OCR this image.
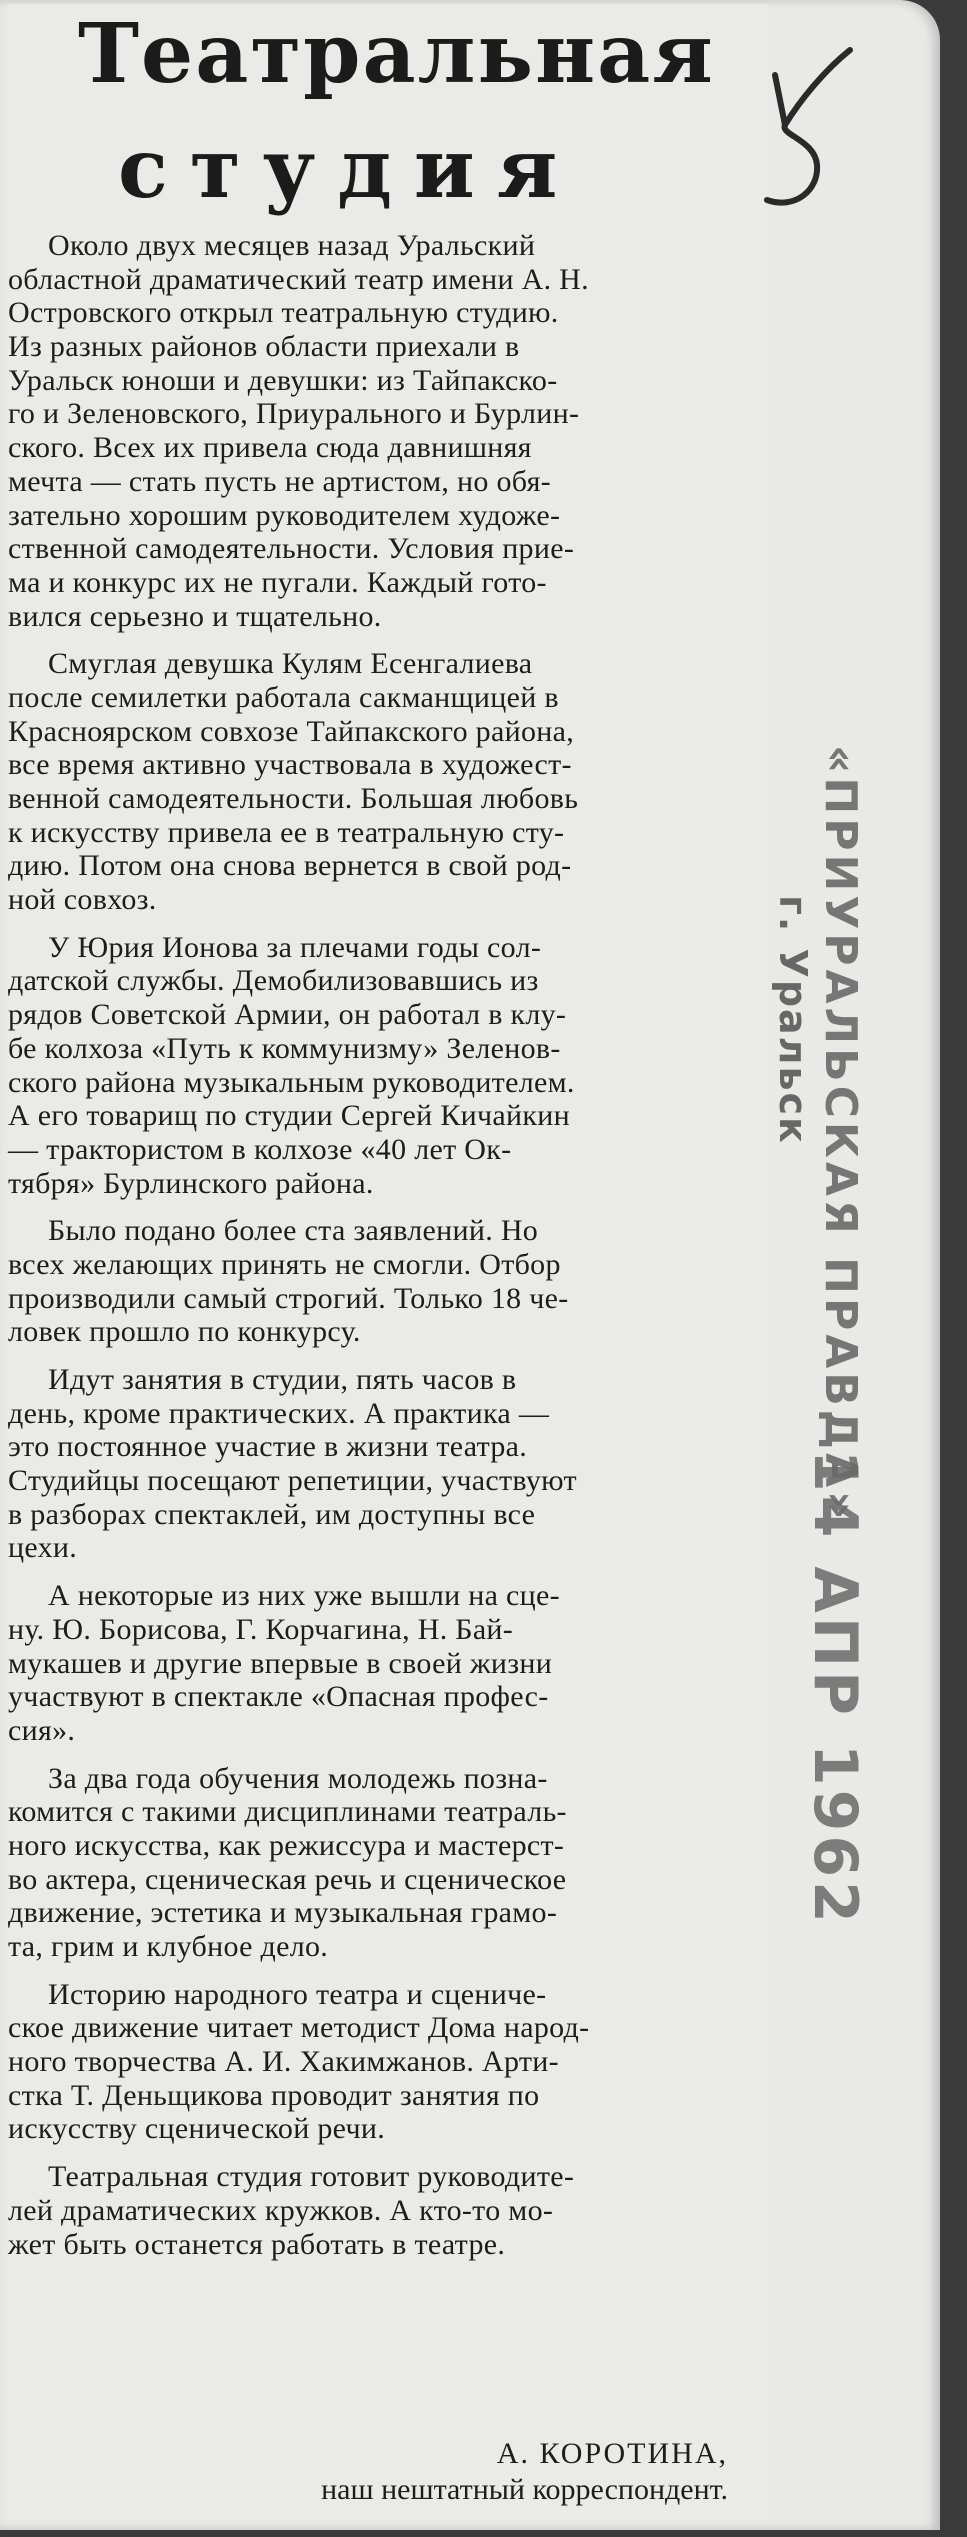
Театральная
студия
Около двух месяцев назад Уральский
областной драматический театр имени А. Н.
Островского открыл театральную студию.
Из разных районов области приехали в
Уральск юноши и девушки: из Тайпакско-
го и Зеленовского, Приурального и Бурлин-
ского. Всех их привела сюда давнишняя
мечта — стать пусть не артистом, но обя-
зательно хорошим руководителем художе-
ственной самодеятельности. Условия прие-
ма и конкурс их не пугали. Каждый гото-
вился серьезно и тщательно.
Смуглая девушка Кулям Есенгалиева
после семилетки работала сакманщицей в
Красноярском совхозе Тайпакского района,
все время активно участвовала в художест-
венной самодеятельности. Большая любовь
к искусству привела ее в театральную сту-
дию. Потом она снова вернется в свой род-
ной совхоз.
У Юрия Ионова за плечами годы сол-
датской службы. Демобилизовавшись из
рядов Советской Армии, он работал в клу-
бе колхоза «Путь к коммунизму» Зеленов-
ского района музыкальным руководителем.
А его товарищ по студии Сергей Кичайкин
— трактористом в колхозе «40 лет Ок-
тября» Бурлинского района.
Было подано более ста заявлений. Но
всех желающих принять не смогли. Отбор
производили самый строгий. Только 18 че-
ловек прошло по конкурсу.
Идут занятия в студии, пять часов в
день, кроме практических. А практика —
это постоянное участие в жизни театра.
Студийцы посещают репетиции, участвуют
в разборах спектаклей, им доступны все
цехи.
А некоторые из них уже вышли на сце-
ну. Ю. Борисова, Г. Корчагина, Н. Бай-
мукашев и другие впервые в своей жизни
участвуют в спектакле «Опасная профес-
сия».
За два года обучения молодежь позна-
комится с такими дисциплинами театраль-
ного искусства, как режиссура и мастерст-
во актера, сценическая речь и сценическое
движение, эстетика и музыкальная грамо-
та, грим и клубное дело.
Историю народного театра и сцениче-
ское движение читает методист Дома народ-
ного творчества А. И. Хакимжанов. Арти-
стка Т. Деньщикова проводит занятия по
искусству сценической речи.
Театральная студия готовит руководите-
лей драматических кружков. А кто-то мо-
жет быть останется работать в театре.
А. КОРОТИНА,
наш нештатный корреспондент.
«ПРИУРАЛЬСКАЯ ПРАВДА»
г. Уральск
14 АПР 1962
